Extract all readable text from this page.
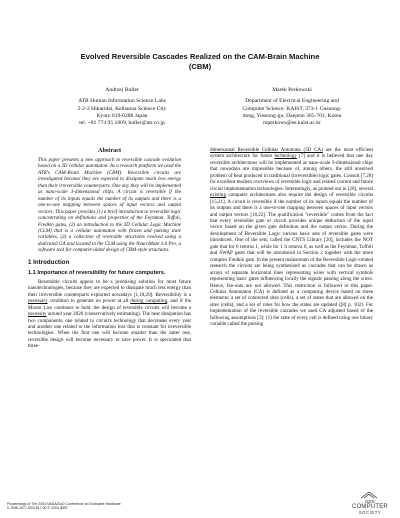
Evolved Reversible Cascades Realized on the CAM-Brain Machine
(CBM)
Andrzej Buller
ATR Human Information Science Labs
2-2-2 Hikaridai, Keihanna Science City
Kyoto 619-0288 Japan
tel. +81 774 95 1009, buller@atr.co.jp
Marek Perkowski
Department of Electrical Engineering and
Computer Science, KAIST, 373-1 Gusoong-
dong, Yuseong-gu, Daejeon 305-701, Korea
mperkows@ee.kaist.ac.kr
Abstract

This paper presents a new approach to reversible cascade evolution based on a 3D cellular automaton. As a research platform we used the ATR's CAM-Brain Machine (CBM). Reversible circuits are investigated because they are expected to dissipate much less energy than their irreversible counterparts. One day they will be implemented as nano-scale 3-dimensional chips. A circuit is reversible if the number of its inputs equals the number of its outputs and there is a one-to-one mapping between spaces of input vectors and output vectors. This paper provides (1) a brief introduction to reversible logic concentrating on definitions and properties of the Feynman, Toffoli, Fredkin gates, (2) an introduction to the 3D Cellular Logic Machine (CLM) that is a cellular automaton with frozen and pulsing state variables, (3) a collection of reversible structures evolved using a dedicated GA and located in the CLM using the NeuroMaze 3.0 Pro, a software tool for computer-aided design of CBM-style structures.

1 Introduction
1.1 Importance of reversibility for future computers.

Reversible circuits appear to be a promising solution for most future nanotechnologies, because they are expected to dissipate much less energy than their irreversible counterparts exploited nowadays [1,18,20]. Reversibility is a necessary condition to generate no power at all during computing, and if the Moore Law continues to hold, the design of reversible circuits will become a necessity around year 2020 (conservatively estimating). The heat dissipation has two components, one related to circuit's technology that decreases every year and another one related to the information loss that is constant for irreversible technologies. When the first one will become smaller than the latter one, reversible design will become necessary to save power. It is speculated that three-

dimensional Reversible Cellular Automata (3D CA) are the most efficient system architecture for future technology [7] and it is believed that one day reversible architectures will be implemented as nano-scale 3-dimensional chips that nowadays are impossible because of, among others, the still unsolved problem of heat produced in traditional (irreversible) logic gates. Consult [7,20] for excellent modern overviews of reversible logic and related current and future circuit implementation technologies. Interestingly, as pointed out in [20], several existing computer architectures also require the design of reversible circuits [15,21]. A circuit is reversible if the number of its inputs equals the number of its outputs and there is a one-to-one mapping between spaces of input vectors and output vectors [18,22]. The qualification "reversible" comes from the fact that every reversible gate or circuit provides unique deduction of the input vector based on the given gate definition and the output vector. During the development of Reversible Logic various basic sets of reversible gates were introduced. One of the sets, called the CNTS Library [20], includes the NOT gate that for 0 returns 1, while for 1 it returns 0, as well as the Feynman, Toffoli and SWAP gates that will be introduced in Section 2 together with the more complex Fredkin gate. In the present mainstream of the Reversible Logic-related research the circuits are being synthesized as cascades that can be drawn as arrays of separate horizontal lines representing wires with vertical symbols representing basic gates influencing locally the signals passing along the wires. Hence, fan-outs are not allowed. This restriction is followed in this paper. Cellular Automaton (CA) is defined as a computing device based on three elements: a set of connected sites (cells), a set of states that are allowed on the sites (cells), and a set of rules for how the states are updated ([8] p. 102). For implementation of the reversible cascades we used CA adjusted based of the following assumptions [3]: (1) the state of every cell is defined using one binary variable called the pulsing

Proceedings of The 2003 NASA/DoD Conference on Evolvable Hardware
0-7695-1977-6/03 $17.00 © 2003 IEEE
IEEE
COMPUTER
SOCIETY
